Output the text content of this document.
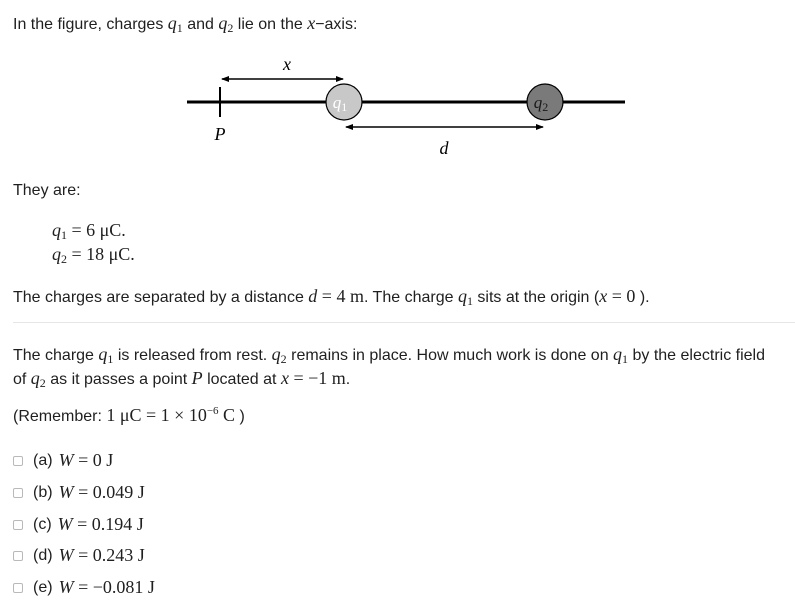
In the figure, charges $q_1$ and $q_2$ lie on the x−axis:
x
P
q1	q2
d
They are:
$q_1 = 6$ μC.
$q_2 = 18$ μC.
The charges are separated by a distance d = 4 m. The charge $q_1$ sits at the origin (x = 0 ).
The charge $q_1$ is released from rest. $q_2$ remains in place. How much work is done on $q_1$ by the electric field
of $q_2$ as it passes a point P located at x = −1 m.
(Remember: 1 $\mu C = 1 \times 10^{-6}$ C )
(a) W = 0 J
(b) W = 0.049 J
(c) W = 0.194 J
(d) W = 0.243 J
(e) W = −0.081 J
